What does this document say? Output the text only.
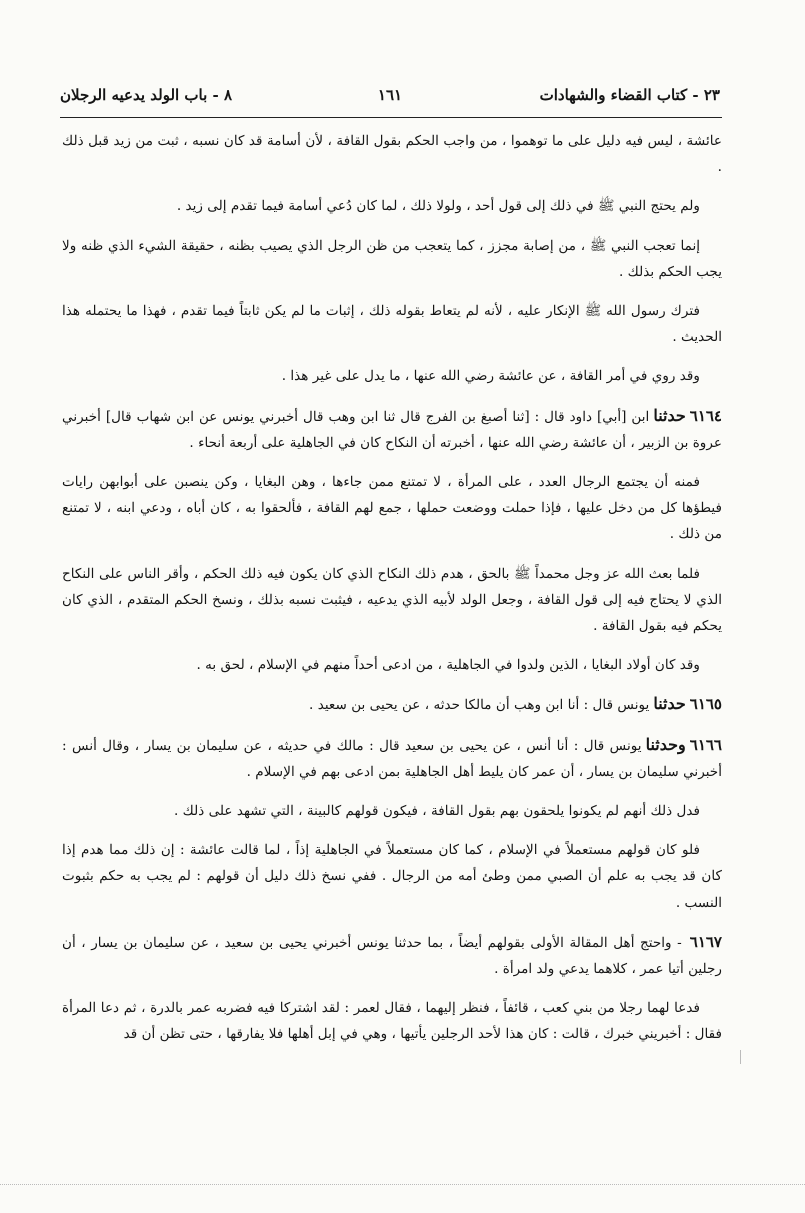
٢٣ - كتاب القضاء والشهادات
١٦١
٨ - باب الولد يدعيه الرجلان

عائشة ، ليس فيه دليل على ما توهموا ، من واجب الحكم بقول القافة ، لأن أسامة قد كان نسبه ، ثبت من زيد قبل ذلك .

ولم يحتج النبي ﷺ في ذلك إلى قول أحد ، ولولا ذلك ، لما كان دُعي أسامة فيما تقدم إلى زيد .

إنما تعجب النبي ﷺ ، من إصابة مجزز ، كما يتعجب من ظن الرجل الذي يصيب بظنه ، حقيقة الشيء الذي ظنه ولا يجب الحكم بذلك .

فترك رسول الله ﷺ الإنكار عليه ، لأنه لم يتعاط بقوله ذلك ، إثبات ما لم يكن ثابتاً فيما تقدم ، فهذا ما يحتمله هذا الحديث .

وقد روي في أمر القافة ، عن عائشة رضي الله عنها ، ما يدل على غير هذا .

٦١٦٤حدثناابن [أبي] داود قال : [ثنا أصبغ بن الفرج قال ثنا ابن وهب قال أخبرني يونس عن ابن شهاب قال] أخبرني عروة بن الزبير ، أن عائشة رضي الله عنها ، أخبرته أن النكاح كان في الجاهلية على أربعة أنحاء .

فمنه أن يجتمع الرجال العدد ، على المرأة ، لا تمتنع ممن جاءها ، وهن البغايا ، وكن ينصبن على أبوابهن رايات فيطؤها كل من دخل عليها ، فإذا حملت ووضعت حملها ، جمع لهم القافة ، فألحقوا به ، كان أباه ، ودعي ابنه ، لا تمتنع من ذلك .

فلما بعث الله عز وجل محمداً ﷺ بالحق ، هدم ذلك النكاح الذي كان يكون فيه ذلك الحكم ، وأقر الناس على النكاح الذي لا يحتاج فيه إلى قول القافة ، وجعل الولد لأبيه الذي يدعيه ، فيثبت نسبه بذلك ، ونسخ الحكم المتقدم ، الذي كان يحكم فيه بقول القافة .

وقد كان أولاد البغايا ، الذين ولدوا في الجاهلية ، من ادعى أحداً منهم في الإسلام ، لحق به .

٦١٦٥حدثنايونس قال : أنا ابن وهب أن مالكا حدثه ، عن يحيى بن سعيد .

٦١٦٦وحدثنايونس قال : أنا أنس ، عن يحيى بن سعيد قال : مالك في حديثه ، عن سليمان بن يسار ، وقال أنس : أخبرني سليمان بن يسار ، أن عمر كان يليط أهل الجاهلية بمن ادعى بهم في الإسلام .

فدل ذلك أنهم لم يكونوا يلحقون بهم بقول القافة ، فيكون قولهم كالبينة ، التي تشهد على ذلك .

فلو كان قولهم مستعملاً في الإسلام ، كما كان مستعملاً في الجاهلية إذاً ، لما قالت عائشة : إن ذلك مما هدم إذا كان قد يجب به علم أن الصبي ممن وطئ أمه من الرجال . ففي نسخ ذلك دليل أن قولهم : لم يجب به حكم بثبوت النسب .

٦١٦٧- واحتج أهل المقالة الأولى بقولهم أيضاً ، بما حدثنا يونس أخبرني يحيى بن سعيد ، عن سليمان بن يسار ، أن رجلين أتيا عمر ، كلاهما يدعي ولد امرأة .

فدعا لهما رجلا من بني كعب ، قائفاً ، فنظر إليهما ، فقال لعمر : لقد اشتركا فيه فضربه عمر بالدرة ، ثم دعا المرأة فقال : أخبريني خبرك ، قالت : كان هذا لأحد الرجلين يأتيها ، وهي في إبل أهلها فلا يفارقها ، حتى تظن أن قد
